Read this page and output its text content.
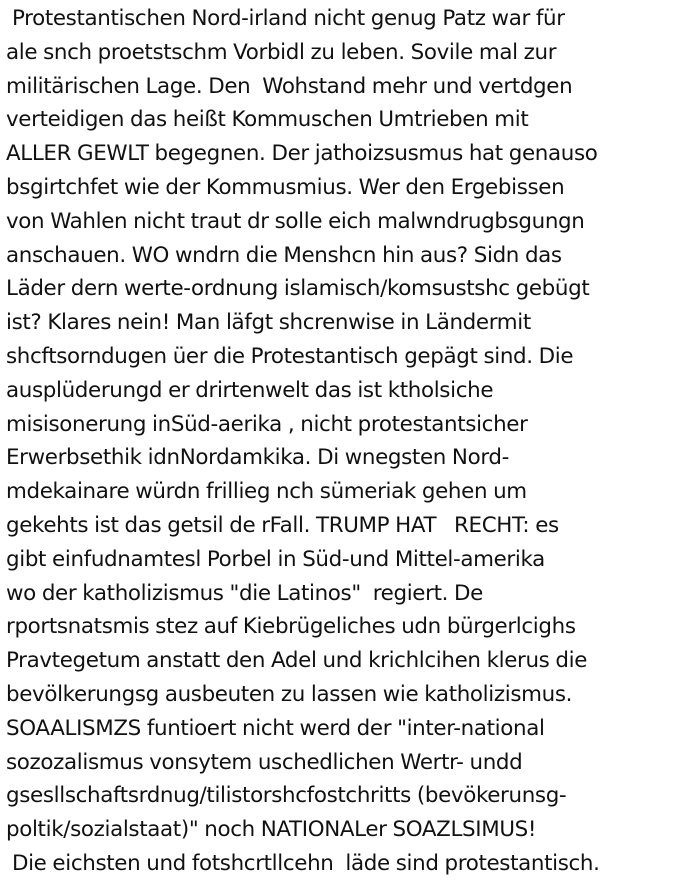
Protestantischen Nord-irland nicht genug Patz war für
ale snch proetstschm Vorbidl zu leben. Sovile mal zur
militärischen Lage. Den  Wohstand mehr und vertdgen
verteidigen das heißt Kommuschen Umtrieben mit
ALLER GEWLT begegnen. Der jathoizsusmus hat genauso
bsgirtchfet wie der Kommusmius. Wer den Ergebissen
von Wahlen nicht traut dr solle eich malwndrugbsgungn
anschauen. WO wndrn die Menshcn hin aus? Sidn das
Läder dern werte-ordnung islamisch/komsustshc gebügt
ist? Klares nein! Man läfgt shcrenwise in Ländermit
shcftsorndugen üer die Protestantisch gepägt sind. Die
ausplüderungd er drirtenwelt das ist ktholsiche
misisonerung inSüd-aerika , nicht protestantsicher
Erwerbsethik idnNordamkika. Di wnegsten Nord-
mdekainare würdn frillieg nch sümeriak gehen um
gekehts ist das getsil de rFall. TRUMP HAT   RECHT: es
gibt einfudnamtesl Porbel in Süd-und Mittel-amerika
wo der katholizismus "die Latinos"  regiert. De
rportsnatsmis stez auf Kiebrügeliches udn bürgerlcighs
Pravtegetum anstatt den Adel und krichlcihen klerus die
bevölkerungsg ausbeuten zu lassen wie katholizismus.
SOAALISMZS funtioert nicht werd der "inter-national
sozozalismus vonsytem uschedlichen Wertr- undd
gsesllschaftsrdnug/tilistorshcfostchritts (bevökerunsg-
poltik/sozialstaat)" noch NATIONALer SOAZLSIMUS!
Die eichsten und fotshcrtllcehn  läde sind protestantisch.
